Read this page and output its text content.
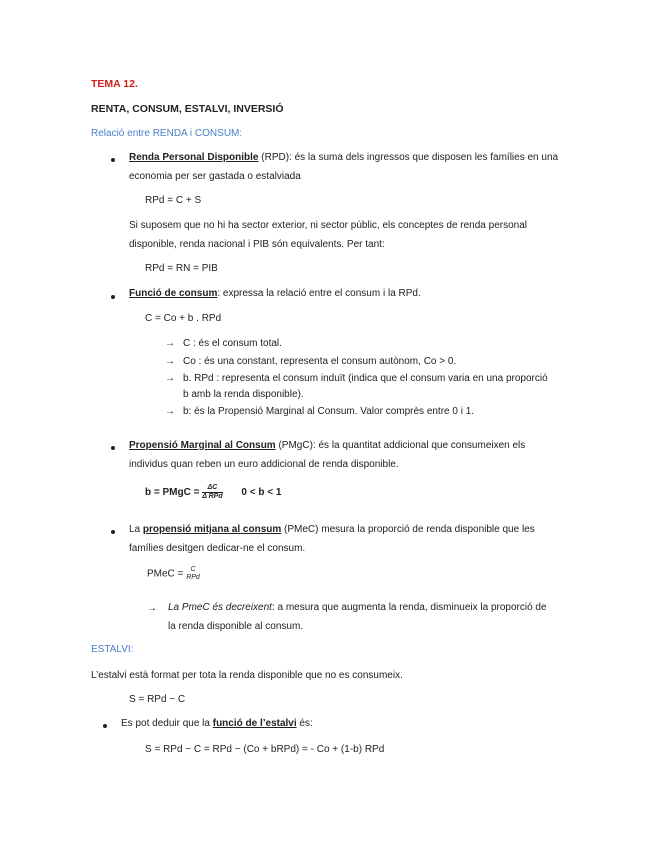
TEMA 12.
RENTA, CONSUM, ESTALVI, INVERSIÓ
Relació entre RENDA i CONSUM:
Renda Personal Disponible (RPD): és la suma dels ingressos que disposen les famílies en una
economia per ser gastada o estalviada
RPd = C + S
Si suposem que no hi ha sector exterior, ni sector públic, els conceptes de renda personal
disponible, renda nacional i PIB són equivalents. Per tant:
RPd = RN = PIB
Funció de consum: expressa la relació entre el consum i la RPd.
C = Co + b . RPd
→ C : és el consum total.
→ Co : és una constant, representa el consum autònom, Co > 0.
→ b. RPd : representa el consum induït (indica que el consum varia en una proporció
b amb la renda disponible).
→ b: és la Propensió Marginal al Consum. Valor comprès entre 0 i 1.
Propensió Marginal al Consum (PMgC): és la quantitat addicional que consumeixen els
individus quan reben un euro addicional de renda disponible.
b = PMgC = $\frac{\Delta C}{\text{Δ RPd}} 0 < b < 1$
La propensió mitjana al consum (PMeC) mesura la proporció de renda disponible que les
famílies desitgen dedicar-ne el consum.
PMeC =	C
RPd
→ La PmeC és decreixent: a mesura que augmenta la renda, disminueix la proporció de
la renda disponible al consum.
ESTALVI:
L’estalvi està format per tota la renda disponible que no es consumeix.
S = RPd − C
Es pot deduir que la funció de l’estalvi és:
S = RPd − C = RPd − (Co + bRPd) = - Co + (1-b) RPd
